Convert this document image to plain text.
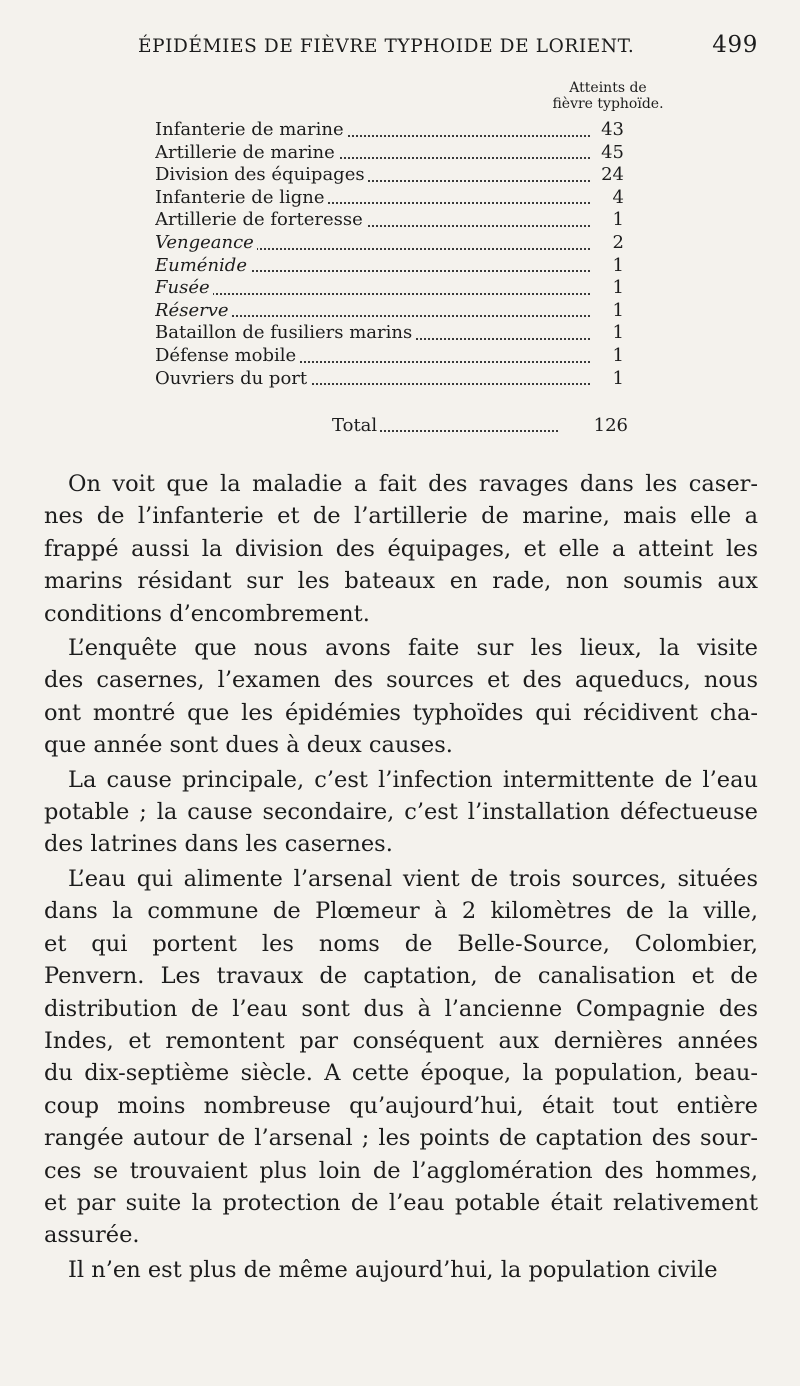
ÉPIDÉMIES DE FIÈVRE TYPHOIDE DE LORIENT.	499
Atteints de
fièvre typhoïde.
Infanterie de marine	43
Artillerie de marine	45
Division des équipages	24
Infanterie de ligne	4
Artillerie de forteresse	1
Vengeance	2
Euménide	1
Fusée	1
Réserve	1
Bataillon de fusiliers marins	1
Défense mobile	1
Ouvriers du port	1
Total	126
On voit que la maladie a fait des ravages dans les caser-
nes de l’infanterie et de l’artillerie de marine, mais elle a
frappé aussi la division des équipages, et elle a atteint les
marins résidant sur les bateaux en rade, non soumis aux
conditions d’encombrement.
L’enquête que nous avons faite sur les lieux, la visite
des casernes, l’examen des sources et des aqueducs, nous
ont montré que les épidémies typhoïdes qui récidivent cha-
que année sont dues à deux causes.
La cause principale, c’est l’infection intermittente de l’eau
potable ; la cause secondaire, c’est l’installation défectueuse
des latrines dans les casernes.
L’eau qui alimente l’arsenal vient de trois sources, situées
dans la commune de Plœmeur à 2 kilomètres de la ville,
et qui portent les noms de Belle-Source, Colombier,
Penvern. Les travaux de captation, de canalisation et de
distribution de l’eau sont dus à l’ancienne Compagnie des
Indes, et remontent par conséquent aux dernières années
du dix-septième siècle. A cette époque, la population, beau-
coup moins nombreuse qu’aujourd’hui, était tout entière
rangée autour de l’arsenal ; les points de captation des sour-
ces se trouvaient plus loin de l’agglomération des hommes,
et par suite la protection de l’eau potable était relativement
assurée.
Il n’en est plus de même aujourd’hui, la population civile
